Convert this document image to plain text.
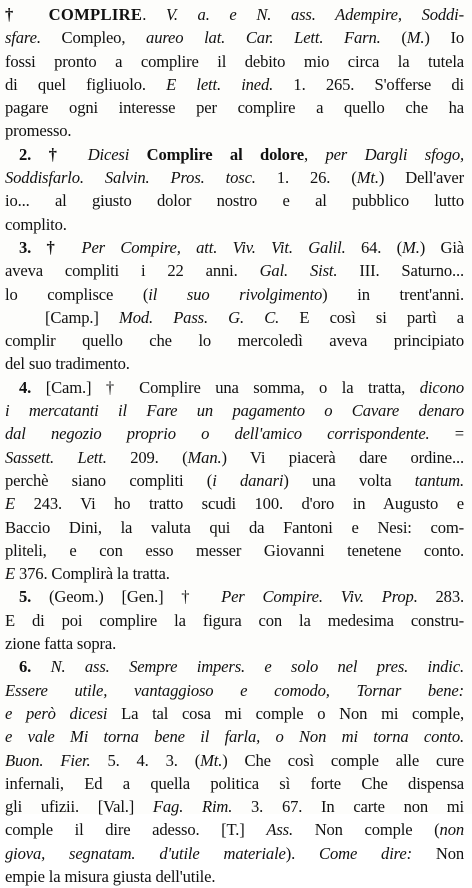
† COMPLIRE. V. a. e N. ass. Adempire, Soddi-
sfare. Compleo, aureo lat. Car. Lett. Farn. (M.) Io
fossi pronto a complire il debito mio circa la tutela
di quel figliuolo. E lett. ined. 1. 265. S'offerse di
pagare ogni interesse per complire a quello che ha
promesso.
2. † Dicesi Complire al dolore, per Dargli sfogo,
Soddisfarlo. Salvin. Pros. tosc. 1. 26. (Mt.) Dell'aver
io... al giusto dolor nostro e al pubblico lutto
complito.
3. † Per Compire, att. Viv. Vit. Galil. 64. (M.) Già
aveva compliti i 22 anni. Gal. Sist. III. Saturno...
lo complisce (il suo rivolgimento) in trent'anni.
[Camp.] Mod. Pass. G. C. E così si partì a
complir quello che lo mercoledì aveva principiato
del suo tradimento.
4. [Cam.] † Complire una somma, o la tratta, dicono
i mercatanti il Fare un pagamento o Cavare denaro
dal negozio proprio o dell'amico corrispondente. =
Sassett. Lett. 209. (Man.) Vi piacerà dare ordine...
perchè siano compliti (i danari) una volta tantum.
E 243. Vi ho tratto scudi 100. d'oro in Augusto e
Baccio Dini, la valuta qui da Fantoni e Nesi: com-
pliteli, e con esso messer Giovanni tenetene conto.
E 376. Complirà la tratta.
5. (Geom.) [Gen.] † Per Compire. Viv. Prop. 283.
E di poi complire la figura con la medesima constru-
zione fatta sopra.
6. N. ass. Sempre impers. e solo nel pres. indic.
Essere utile, vantaggioso e comodo, Tornar bene:
e però dicesi La tal cosa mi comple o Non mi comple,
e vale Mi torna bene il farla, o Non mi torna conto.
Buon. Fier. 5. 4. 3. (Mt.) Che così comple alle cure
infernali, Ed a quella politica sì forte Che dispensa
gli ufizii. [Val.] Fag. Rim. 3. 67. In carte non mi
comple il dire adesso. [T.] Ass. Non comple (non
giova, segnatam. d'utile materiale). Come dire: Non
empie la misura giusta dell'utile.
